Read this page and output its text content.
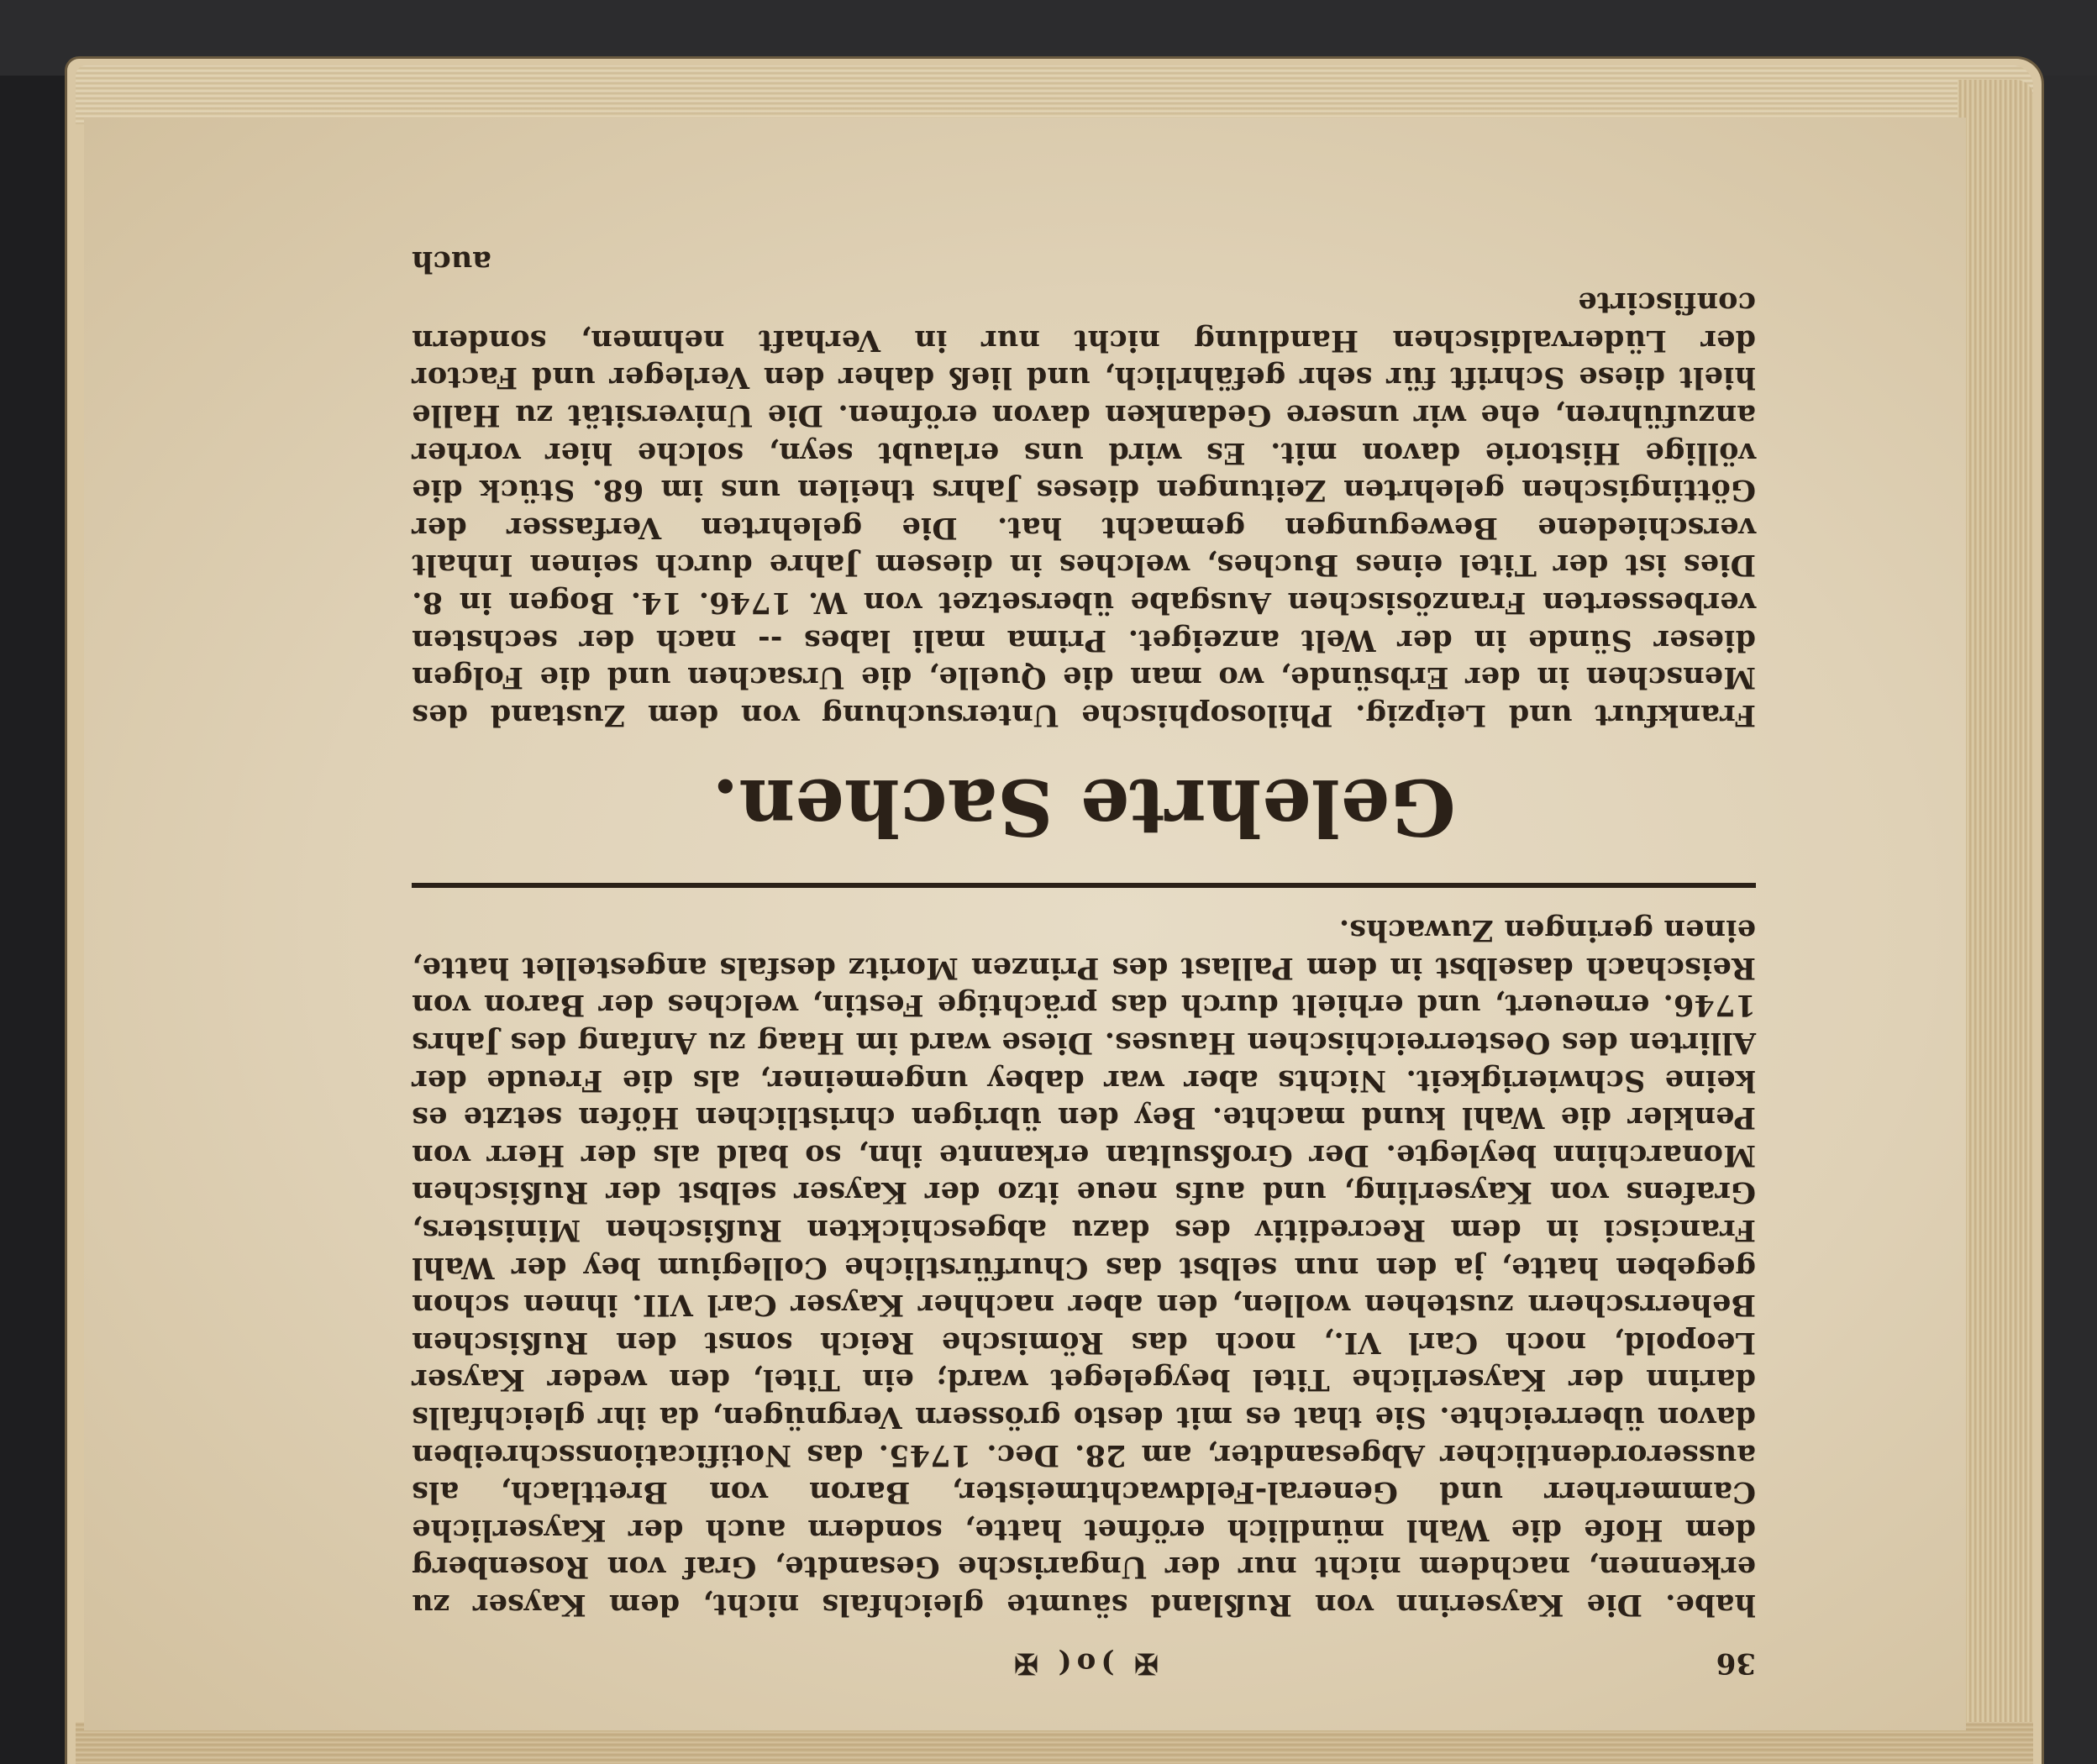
36
✠ )o( ✠

habe. Die Kayserinn von Rußland säumte gleichfals nicht, dem Kayser zu erkennen, nachdem nicht nur der Ungarische Gesandte, Graf von Rosenberg dem Hofe die Wahl mündlich eröfnet hatte, sondern auch der Kayserliche Cammerherr und General-Feldwachtmeister, Baron von Brettlach, als ausserordentlicher Abgesandter, am 28. Dec. 1745. das Notificationsschreiben davon überreichte. Sie that es mit desto grössern Vergnügen, da ihr gleichfalls darinn der Kayserliche Titel beygeleget ward; ein Titel, den weder Kayser Leopold, noch Carl VI., noch das Römische Reich sonst den Rußischen Beherrschern zustehen wollen, den aber nachher Kayser Carl VII. ihnen schon gegeben hatte, ja den nun selbst das Churfürstliche Collegium bey der Wahl Francisci in dem Recreditiv des dazu abgeschickten Rußischen Ministers, Grafens von Kayserling, und aufs neue itzo der Kayser selbst der Rußischen Monarchinn beylegte. Der Großsultan erkannte ihn, so bald als der Herr von Penkler die Wahl kund machte. Bey den übrigen christlichen Höfen setzte es keine Schwierigkeit. Nichts aber war dabey ungemeiner, als die Freude der Allirten des Oesterreichischen Hauses. Diese ward im Haag zu Anfang des Jahrs 1746. erneuert, und erhielt durch das prächtige Festin, welches der Baron von Reischach daselbst in dem Pallast des Prinzen Moritz desfals angestellet hatte, einen geringen Zuwachs.

Gelehrte Sachen.

Frankfurt und Leipzig. Philosophische Untersuchung von dem Zustand des Menschen in der Erbsünde, wo man die Quelle, die Ursachen und die Folgen dieser Sünde in der Welt anzeiget. Prima mali labes -- nach der sechsten verbesserten Französischen Ausgabe übersetzet von W. 1746. 14. Bogen in 8. Dies ist der Titel eines Buches, welches in diesem Jahre durch seinen Inhalt verschiedene Bewegungen gemacht hat. Die gelehrten Verfasser der Göttingischen gelehrten Zeitungen dieses Jahrs theilen uns im 68. Stück die völlige Historie davon mit. Es wird uns erlaubt seyn, solche hier vorher anzuführen, ehe wir unsere Gedanken davon eröfnen. Die Universität zu Halle hielt diese Schrift für sehr gefährlich, und ließ daher den Verleger und Factor der Lüdervaldischen Handlung nicht nur in Verhaft nehmen, sondern confiscirte

auch
